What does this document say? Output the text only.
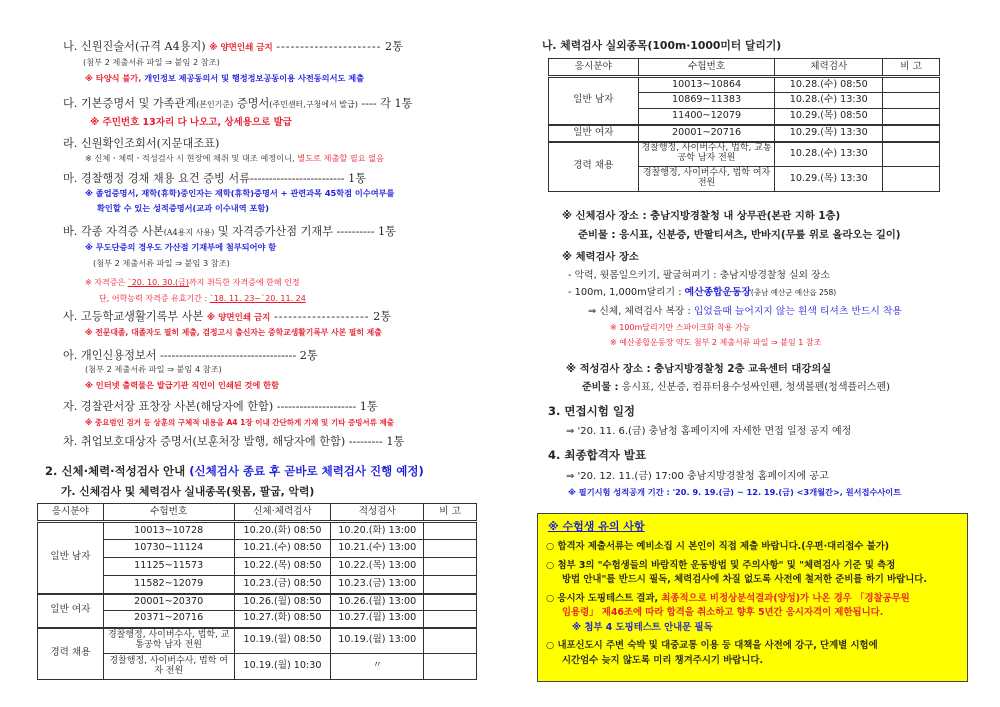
나. 신원진술서(규격 A4용지) ※ 양면인쇄 금지 ---------------------- 2통
(첨부 2 제출서류 파일 ⇒ 붙임 2 참조)
※ 타양식 불가, 개인정보 제공동의서 및 행정정보공동이용 사전동의서도 제출
다. 기본증명서 및 가족관계(본인기준) 증명서(주민센터,구청에서 발급) ---- 각 1통
※ 주민번호 13자리 다 나오고, 상세용으로 발급
라. 신원확인조회서(지문대조표)
※ 신체ㆍ체력ㆍ적성검사 시 현장에 채취 및 대조 예정이니, 별도로 제출할 필요 없음
마. 경찰행정 경채 채용 요건 증빙 서류------------------------- 1통
※ 졸업증명서, 재학(휴학)중인자는 재학(휴학)증명서 + 관련과목 45학점 이수여부를
확인할 수 있는 성적증명서(교과 이수내역 포함)
바. 각종 자격증 사본(A4용지 사용) 및 자격증가산점 기재부 ---------- 1통
※ 무도단증의 경우도 가산점 기재부에 첨부되어야 함
(첨부 2 제출서류 파일 ⇒ 붙임 3 참조)
※ 자격증은 `20. 10. 30.(금)까지 취득한 자격증에 한해 인정
단, 어학능력 자격증 유효기간 : `18. 11. 23~`20. 11. 24
사. 고등학교생활기록부 사본 ※ 양면인쇄 금지 -------------------- 2통
※ 전문대졸, 대졸자도 필히 제출, 검정고시 출신자는 중학교생활기록부 사본 필히 제출
아. 개인신용정보서 ------------------------------------ 2통
(첨부 2 제출서류 파일 ⇒ 붙임 4 참조)
※ 인터넷 출력물은 발급기관 직인이 인쇄된 것에 한함
자. 경찰관서장 표창장 사본(해당자에 한함) --------------------- 1통
※ 중요범인 검거 등 상훈의 구체적 내용을 A4 1장 이내 간단하게 기재 및 기타 증빙서류 제출
차. 취업보호대상자 증명서(보훈처장 발행, 해당자에 한함) --------- 1통
2. 신체·체력·적성검사 안내 (신체검사 종료 후 곧바로 체력검사 진행 예정)
가. 신체검사 및 체력검사 실내종목(윗몸, 팔굽, 악력)
응시분야	수험번호	신체·체력검사	적성검사	비 고
일반 남자	10013~10728	10.20.(화) 08:50	10.20.(화) 13:00	
	10730~11124	10.21.(수) 08:50	10.21.(수) 13:00	
	11125~11573	10.22.(목) 08:50	10.22.(목) 13:00	
	11582~12079	10.23.(금) 08:50	10.23.(금) 13:00	
일반 여자	20001~20370	10.26.(월) 08:50	10.26.(월) 13:00	
	20371~20716	10.27.(화) 08:50	10.27.(월) 13:00	
경력 채용	경찰행정, 사이버수사, 법학, 교통공학 남자 전원	10.19.(월) 08:50	10.19.(월) 13:00	
	경찰행정, 사이버수사, 법학 여자 전원	10.19.(월) 10:30	〃	
나. 체력검사 실외종목(100m·1000미터 달리기)
응시분야	수험번호	체력검사	비 고
일반 남자	10013~10864	10.28.(수) 08:50	
	10869~11383	10.28.(수) 13:30	
	11400~12079	10.29.(목) 08:50	
일반 여자	20001~20716	10.29.(목) 13:30	
경력 채용	경찰행정, 사이버수사, 법학, 교통공학 남자 전원	10.28.(수) 13:30	
	경찰행정, 사이버수사, 법학 여자 전원	10.29.(목) 13:30	
※ 신체검사 장소 : 충남지방경찰청 내 상무관(본관 지하 1층)
준비물 : 응시표, 신분증, 반팔티셔츠, 반바지(무릎 위로 올라오는 길이)
※ 체력검사 장소
- 악력, 윗몸일으키기, 팔굽혀펴기 : 충남지방경찰청 실외 장소
- 100m, 1,000m달리기 : 예산종합운동장(충남 예산군 예산읍 258)
⇒ 신체, 체력검사 복장 : 입었을때 늘어지지 않는 흰색 티셔츠 반드시 착용
※ 100m달리기만 스파이크화 착용 가능
※ 예산종합운동장 약도 첨부 2 제출서류 파일 ⇒ 붙임 1 참조
※ 적성검사 장소 : 충남지방경찰청 2층 교육센터 대강의실
준비물 : 응시표, 신분증, 컴퓨터용수성싸인펜, 청색볼펜(청색플러스펜)
3. 면접시험 일정
⇒ '20. 11. 6.(금) 충남청 홈페이지에 자세한 면접 일정 공지 예정
4. 최종합격자 발표
⇒ '20. 12. 11.(금) 17:00 충남지방경찰청 홈페이지에 공고
※ 필기시험 성적공개 기간 : '20. 9. 19.(금) ~ 12. 19.(금) <3개월간>, 원서접수사이트
※ 수험생 유의 사항
○ 합격자 제출서류는 예비소집 시 본인이 직접 제출 바랍니다.(우편·대리접수 불가)
○ 첨부 3의 "수험생들의 바람직한 운동방법 및 주의사항" 및 "체력검사 기준 및 측정
방법 안내"를 반드시 필독, 체력검사에 차질 없도록 사전에 철저한 준비를 하기 바랍니다.
○ 응시자 도핑테스트 결과, 최종적으로 비정상분석결과(양성)가 나온 경우 「경찰공무원
임용령」 제46조에 따라 합격을 취소하고 향후 5년간 응시자격이 제한됩니다.
※ 첨부 4 도핑테스트 안내문 필독
○ 내포신도시 주변 숙박 및 대중교통 이용 등 대책을 사전에 강구, 단계별 시험에
시간엄수 늦지 않도록 미리 챙겨주시기 바랍니다.
